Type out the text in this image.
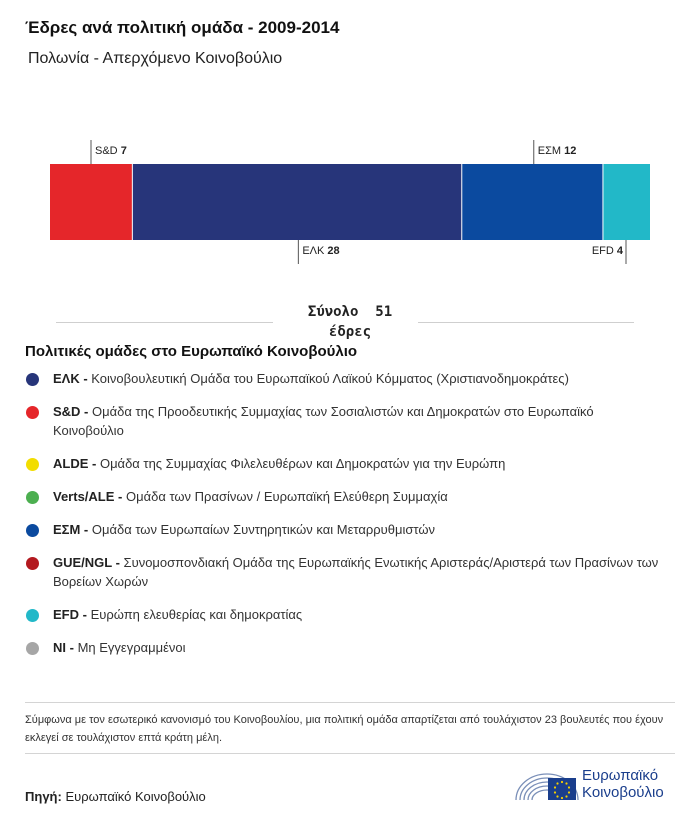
Έδρες ανά πολιτική ομάδα - 2009-2014
Πολωνία - Απερχόμενο Κοινοβούλιο
S&D 7
ΕΛΚ 28
ΕΣΜ 12
EFD 4
Σύνολο 51
έδρες
Πολιτικές ομάδες στο Ευρωπαϊκό Κοινοβούλιο
ΕΛΚ - Κοινοβουλευτική Ομάδα του Ευρωπαϊκού Λαϊκού Κόμματος (Χριστιανοδημοκράτες)
S&D - Ομάδα της Προοδευτικής Συμμαχίας των Σοσιαλιστών και Δημοκρατών στο Ευρωπαϊκό Κοινοβούλιο
ALDE - Ομάδα της Συμμαχίας Φιλελευθέρων και Δημοκρατών για την Ευρώπη
Verts/ALE - Ομάδα των Πρασίνων / Ευρωπαϊκή Ελεύθερη Συμμαχία
ΕΣΜ - Ομάδα των Ευρωπαίων Συντηρητικών και Μεταρρυθμιστών
GUE/NGL - Συνομοσπονδιακή Ομάδα της Ευρωπαϊκής Ενωτικής Αριστεράς/Αριστερά των Πρασίνων των Βορείων Χωρών
EFD - Ευρώπη ελευθερίας και δημοκρατίας
NI - Μη Εγγεγραμμένοι
Σύμφωνα με τον εσωτερικό κανονισμό του Κοινοβουλίου, μια πολιτική ομάδα απαρτίζεται από τουλάχιστον 23 βουλευτές που έχουν εκλεγεί σε τουλάχιστον επτά κράτη μέλη.
Πηγή: Ευρωπαϊκό Κοινοβούλιο
Ευρωπαϊκό
Κοινοβούλιο
